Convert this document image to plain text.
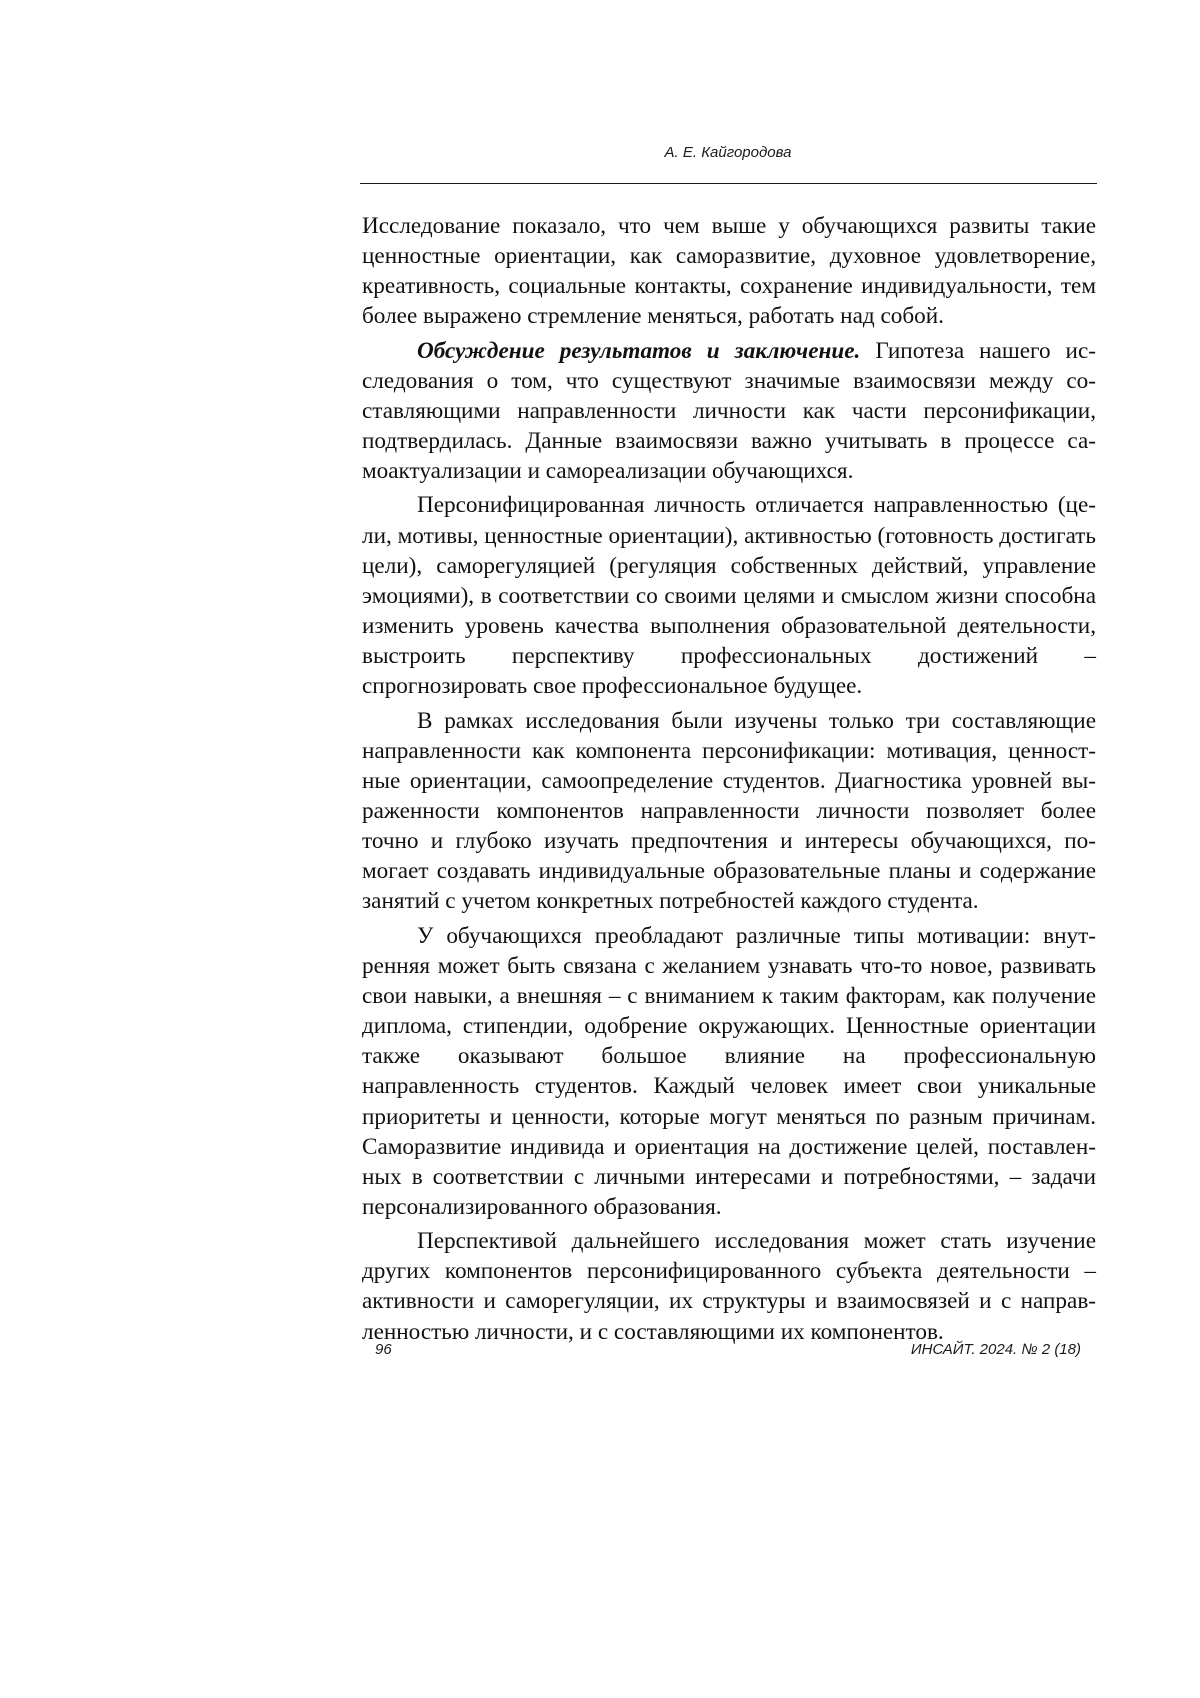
А. Е. Кайгородова

Исследование показало, что чем выше у обучающихся развиты такие ценностные ориентации, как саморазвитие, духовное удовлетворение, креативность, социальные контакты, сохранение индивидуальности, тем более выражено стремление меняться, работать над собой.

Обсуждение результатов и заключение. Гипотеза нашего исследования о том, что существуют значимые взаимосвязи между составляющими направленности личности как части персонификации, подтвердилась. Данные взаимосвязи важно учитывать в процессе самоактуализации и самореализации обучающихся.

Персонифицированная личность отличается направленностью (цели, мотивы, ценностные ориентации), активностью (готовность достигать цели), саморегуляцией (регуляция собственных действий, управление эмоциями), в соответствии со своими целями и смыслом жизни способна изменить уровень качества выполнения образовательной деятельности, выстроить перспективу профессиональных достижений – спрогнозировать свое профессиональное будущее.

В рамках исследования были изучены только три составляющие направленности как компонента персонификации: мотивация, ценностные ориентации, самоопределение студентов. Диагностика уровней выраженности компонентов направленности личности позволяет более точно и глубоко изучать предпочтения и интересы обучающихся, помогает создавать индивидуальные образовательные планы и содержание занятий с учетом конкретных потребностей каждого студента.

У обучающихся преобладают различные типы мотивации: внутренняя может быть связана с желанием узнавать что-то новое, развивать свои навыки, а внешняя – с вниманием к таким факторам, как получение диплома, стипендии, одобрение окружающих. Ценностные ориентации также оказывают большое влияние на профессиональную направленность студентов. Каждый человек имеет свои уникальные приоритеты и ценности, которые могут меняться по разным причинам. Саморазвитие индивида и ориентация на достижение целей, поставленных в соответствии с личными интересами и потребностями, – задачи персонализированного образования.

Перспективой дальнейшего исследования может стать изучение других компонентов персонифицированного субъекта деятельности – активности и саморегуляции, их структуры и взаимосвязей и с направленностью личности, и с составляющими их компонентов.

96	ИНСАЙТ. 2024. № 2 (18)
